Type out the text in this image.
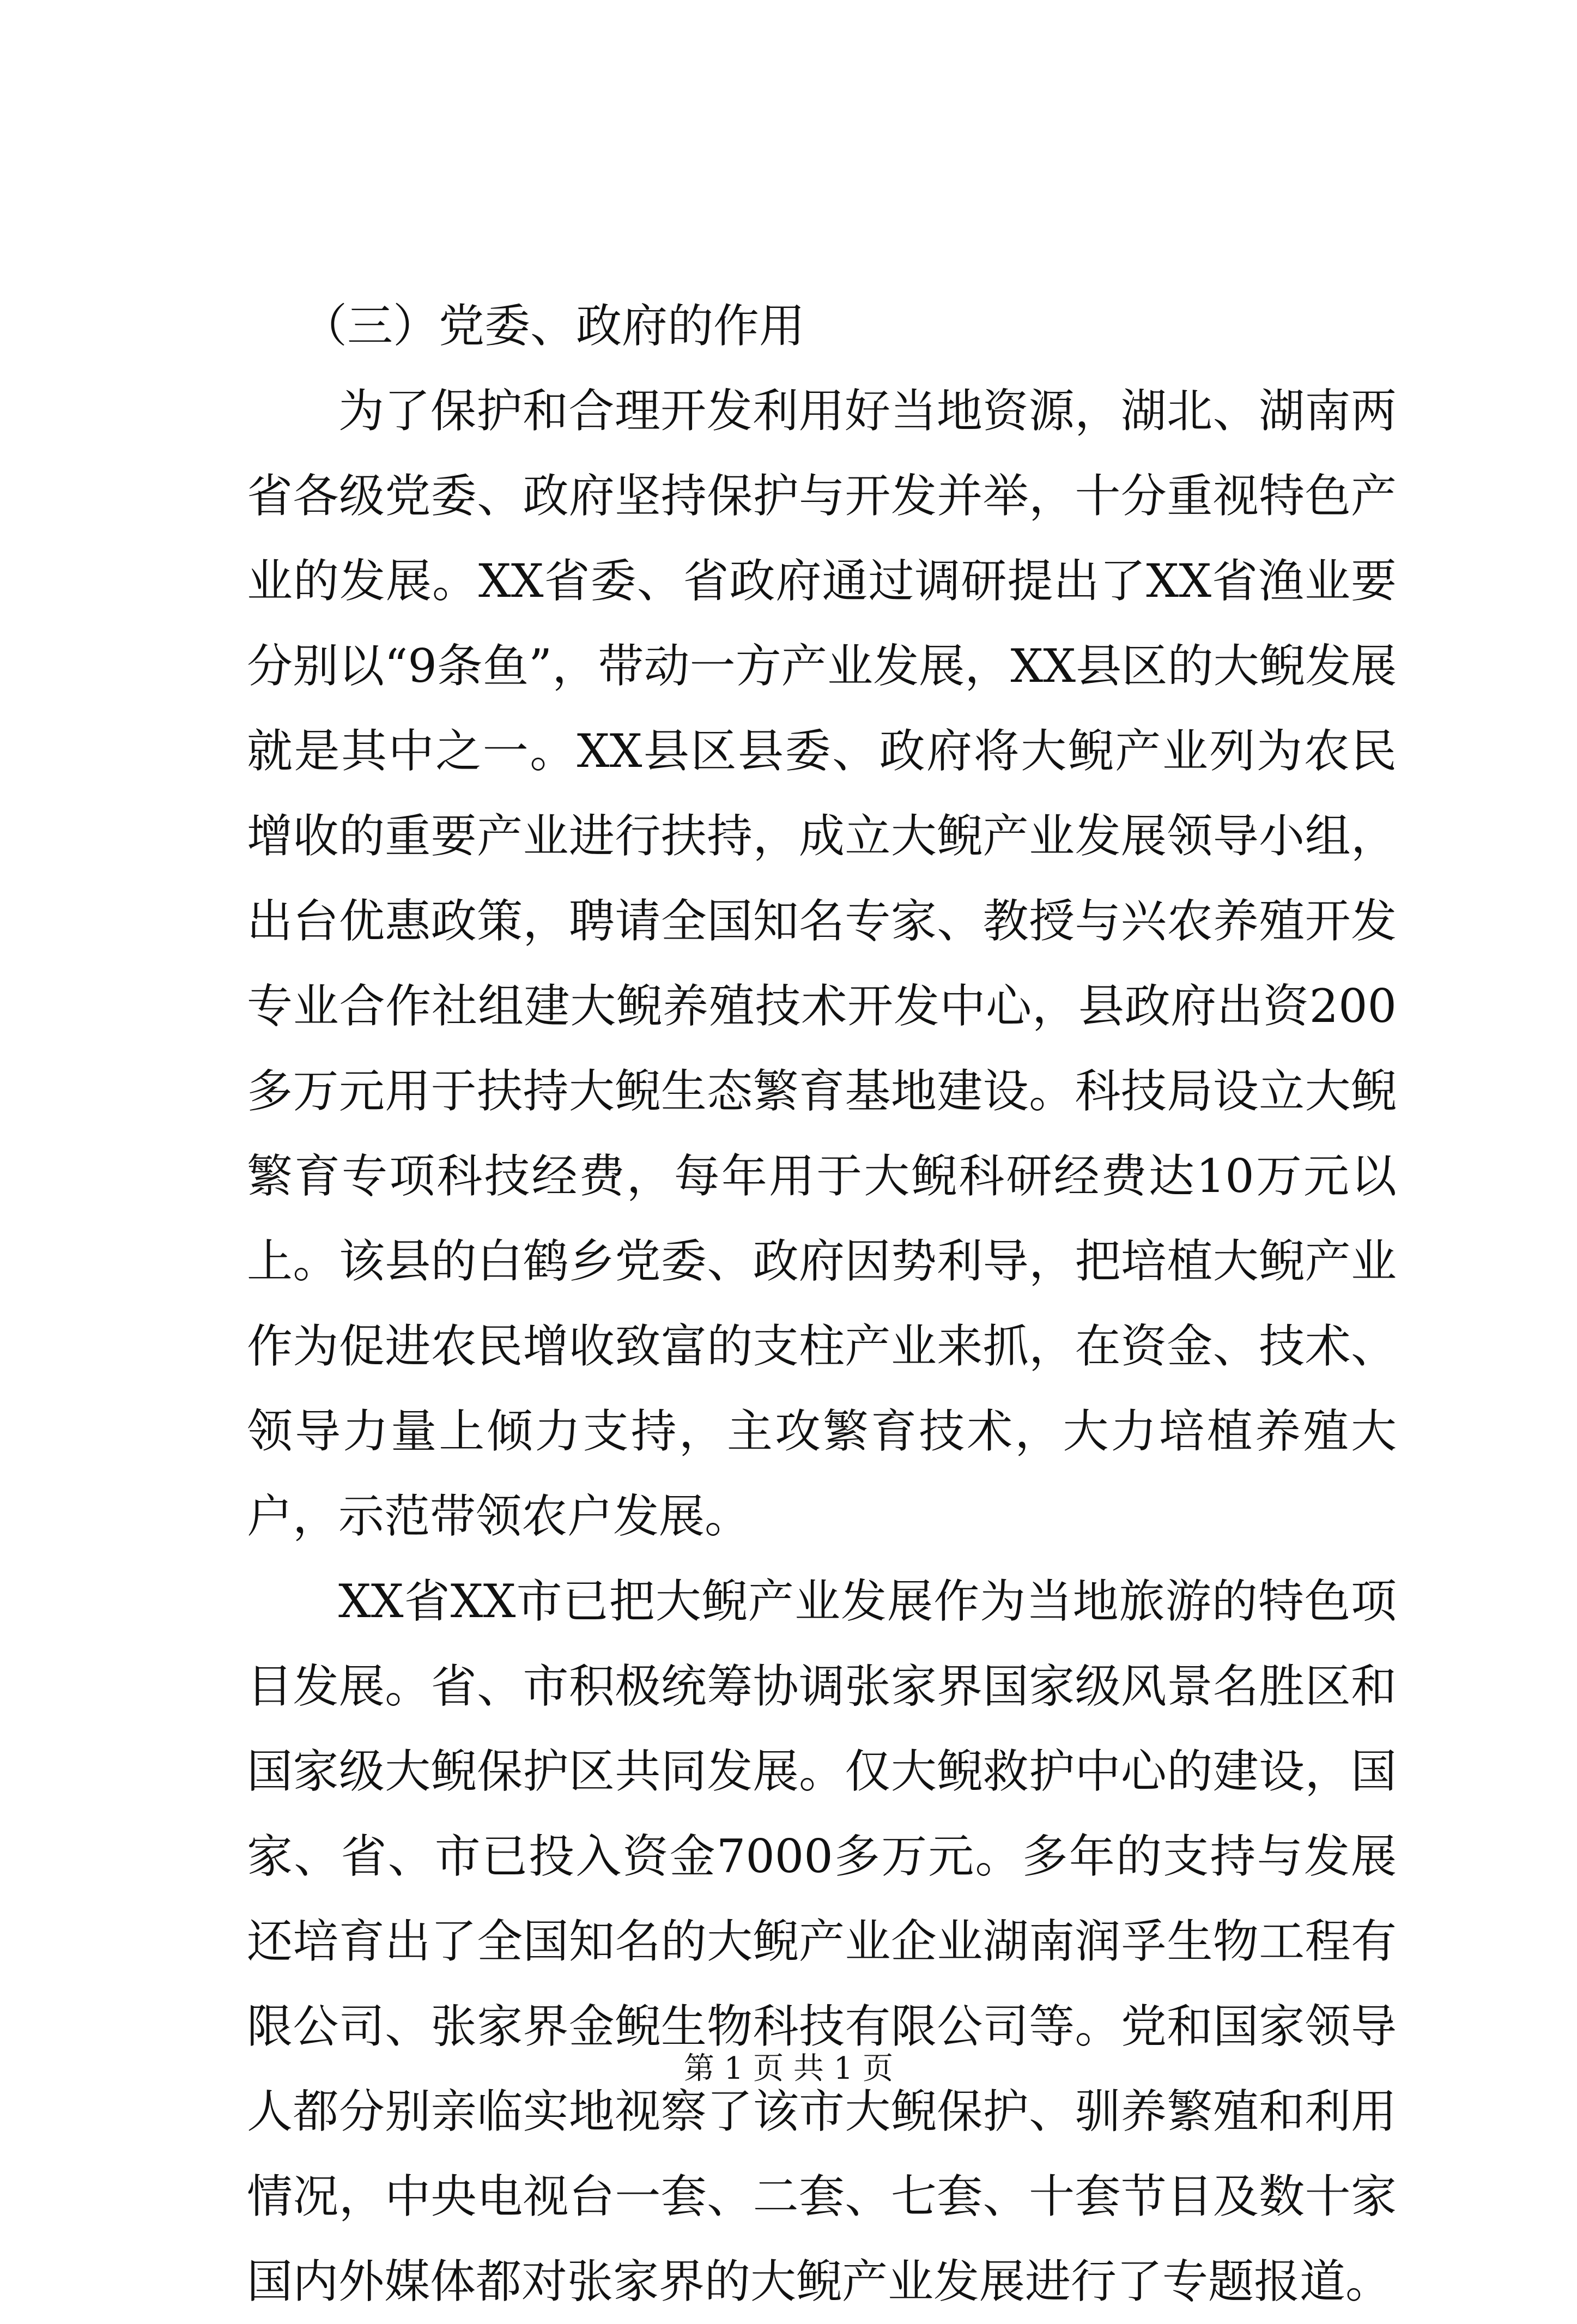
（三）党委、政府的作用

为了保护和合理开发利用好当地资源，湖北、湖南两省各级党委、政府坚持保护与开发并举，十分重视特色产业的发展。XX省委、省政府通过调研提出了XX省渔业要分别以“9条鱼”，带动一方产业发展，XX县区的大鲵发展就是其中之一。XX县区县委、政府将大鲵产业列为农民增收的重要产业进行扶持，成立大鲵产业发展领导小组，出台优惠政策，聘请全国知名专家、教授与兴农养殖开发专业合作社组建大鲵养殖技术开发中心，县政府出资200多万元用于扶持大鲵生态繁育基地建设。科技局设立大鲵繁育专项科技经费，每年用于大鲵科研经费达10万元以上。该县的白鹤乡党委、政府因势利导，把培植大鲵产业作为促进农民增收致富的支柱产业来抓，在资金、技术、领导力量上倾力支持，主攻繁育技术，大力培植养殖大户，示范带领农户发展。

XX省XX市已把大鲵产业发展作为当地旅游的特色项目发展。省、市积极统筹协调张家界国家级风景名胜区和国家级大鲵保护区共同发展。仅大鲵救护中心的建设，国家、省、市已投入资金7000多万元。多年的支持与发展还培育出了全国知名的大鲵产业企业湖南润孚生物工程有限公司、张家界金鲵生物科技有限公司等。党和国家领导人都分别亲临实地视察了该市大鲵保护、驯养繁殖和利用情况，中央电视台一套、二套、七套、十套节目及数十家国内外媒体都对张家界的大鲵产业发展进行了专题报道。

第 1 页 共 1 页
